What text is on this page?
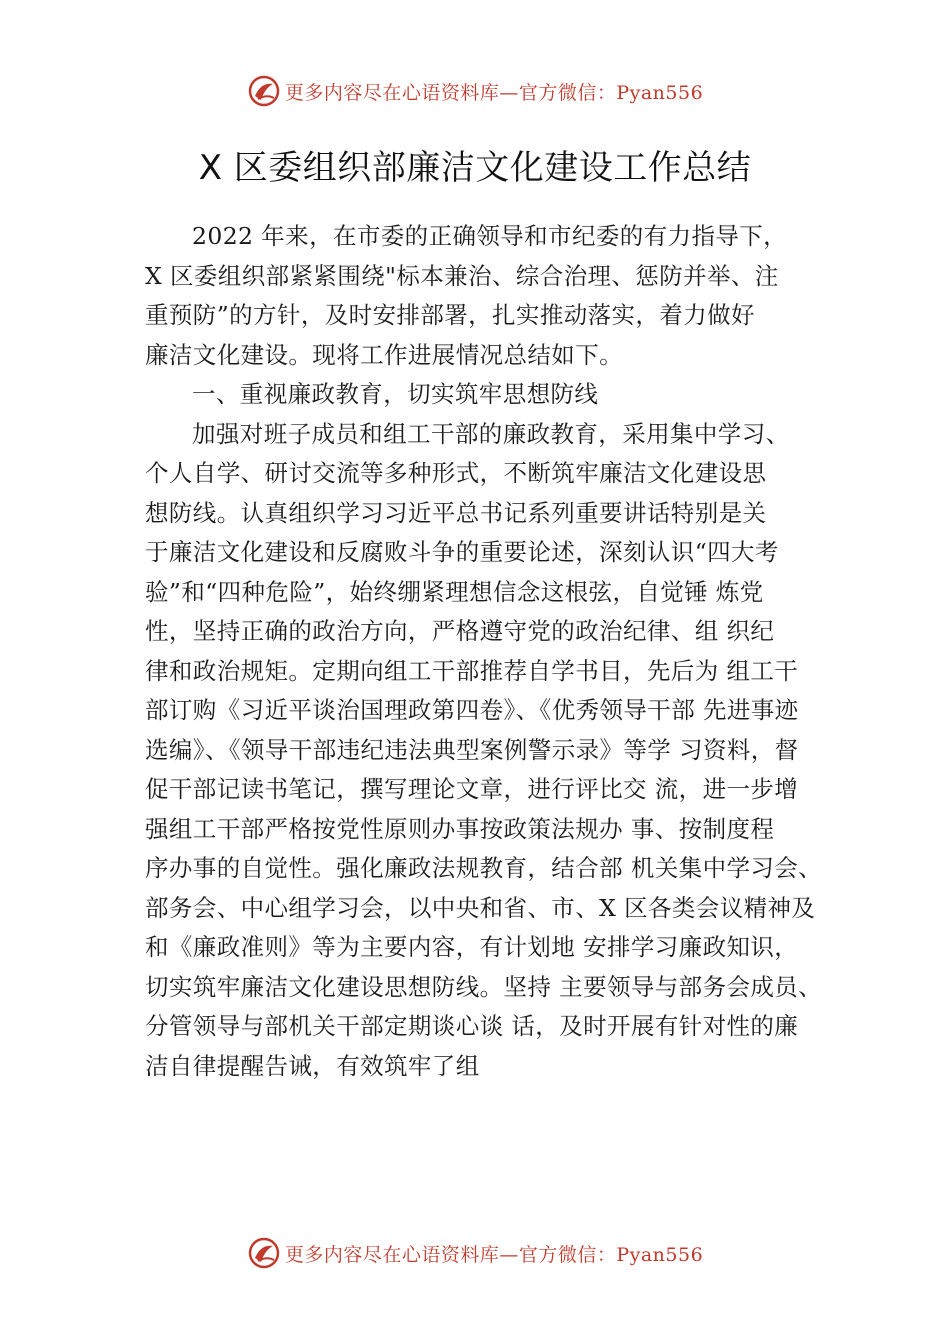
更多内容尽在心语资料库—官方微信：Pyan556
X 区委组织部廉洁文化建设工作总结
2022 年来，在市委的正确领导和市纪委的有力指导下，
X 区委组织部紧紧围绕"标本兼治、综合治理、惩防并举、注
重预防”的方针，及时安排部署，扎实推动落实，着力做好
廉洁文化建设。现将工作进展情况总结如下。
一、重视廉政教育，切实筑牢思想防线
加强对班子成员和组工干部的廉政教育，采用集中学习、
个人自学、研讨交流等多种形式，不断筑牢廉洁文化建设思
想防线。认真组织学习习近平总书记系列重要讲话特别是关
于廉洁文化建设和反腐败斗争的重要论述，深刻认识“四大考
验”和“四种危险”，始终绷紧理想信念这根弦，自觉锤 炼党
性，坚持正确的政治方向，严格遵守党的政治纪律、组 织纪
律和政治规矩。定期向组工干部推荐自学书目，先后为 组工干
部订购《习近平谈治国理政第四卷》、《优秀领导干部 先进事迹
选编》、《领导干部违纪违法典型案例警示录》等学 习资料，督
促干部记读书笔记，撰写理论文章，进行评比交 流，进一步增
强组工干部严格按党性原则办事按政策法规办 事、按制度程
序办事的自觉性。强化廉政法规教育，结合部 机关集中学习会、
部务会、中心组学习会，以中央和省、市、X 区各类会议精神及
和《廉政准则》等为主要内容，有计划地 安排学习廉政知识，
切实筑牢廉洁文化建设思想防线。坚持 主要领导与部务会成员、
分管领导与部机关干部定期谈心谈 话，及时开展有针对性的廉
洁自律提醒告诫，有效筑牢了组
更多内容尽在心语资料库—官方微信：Pyan556
